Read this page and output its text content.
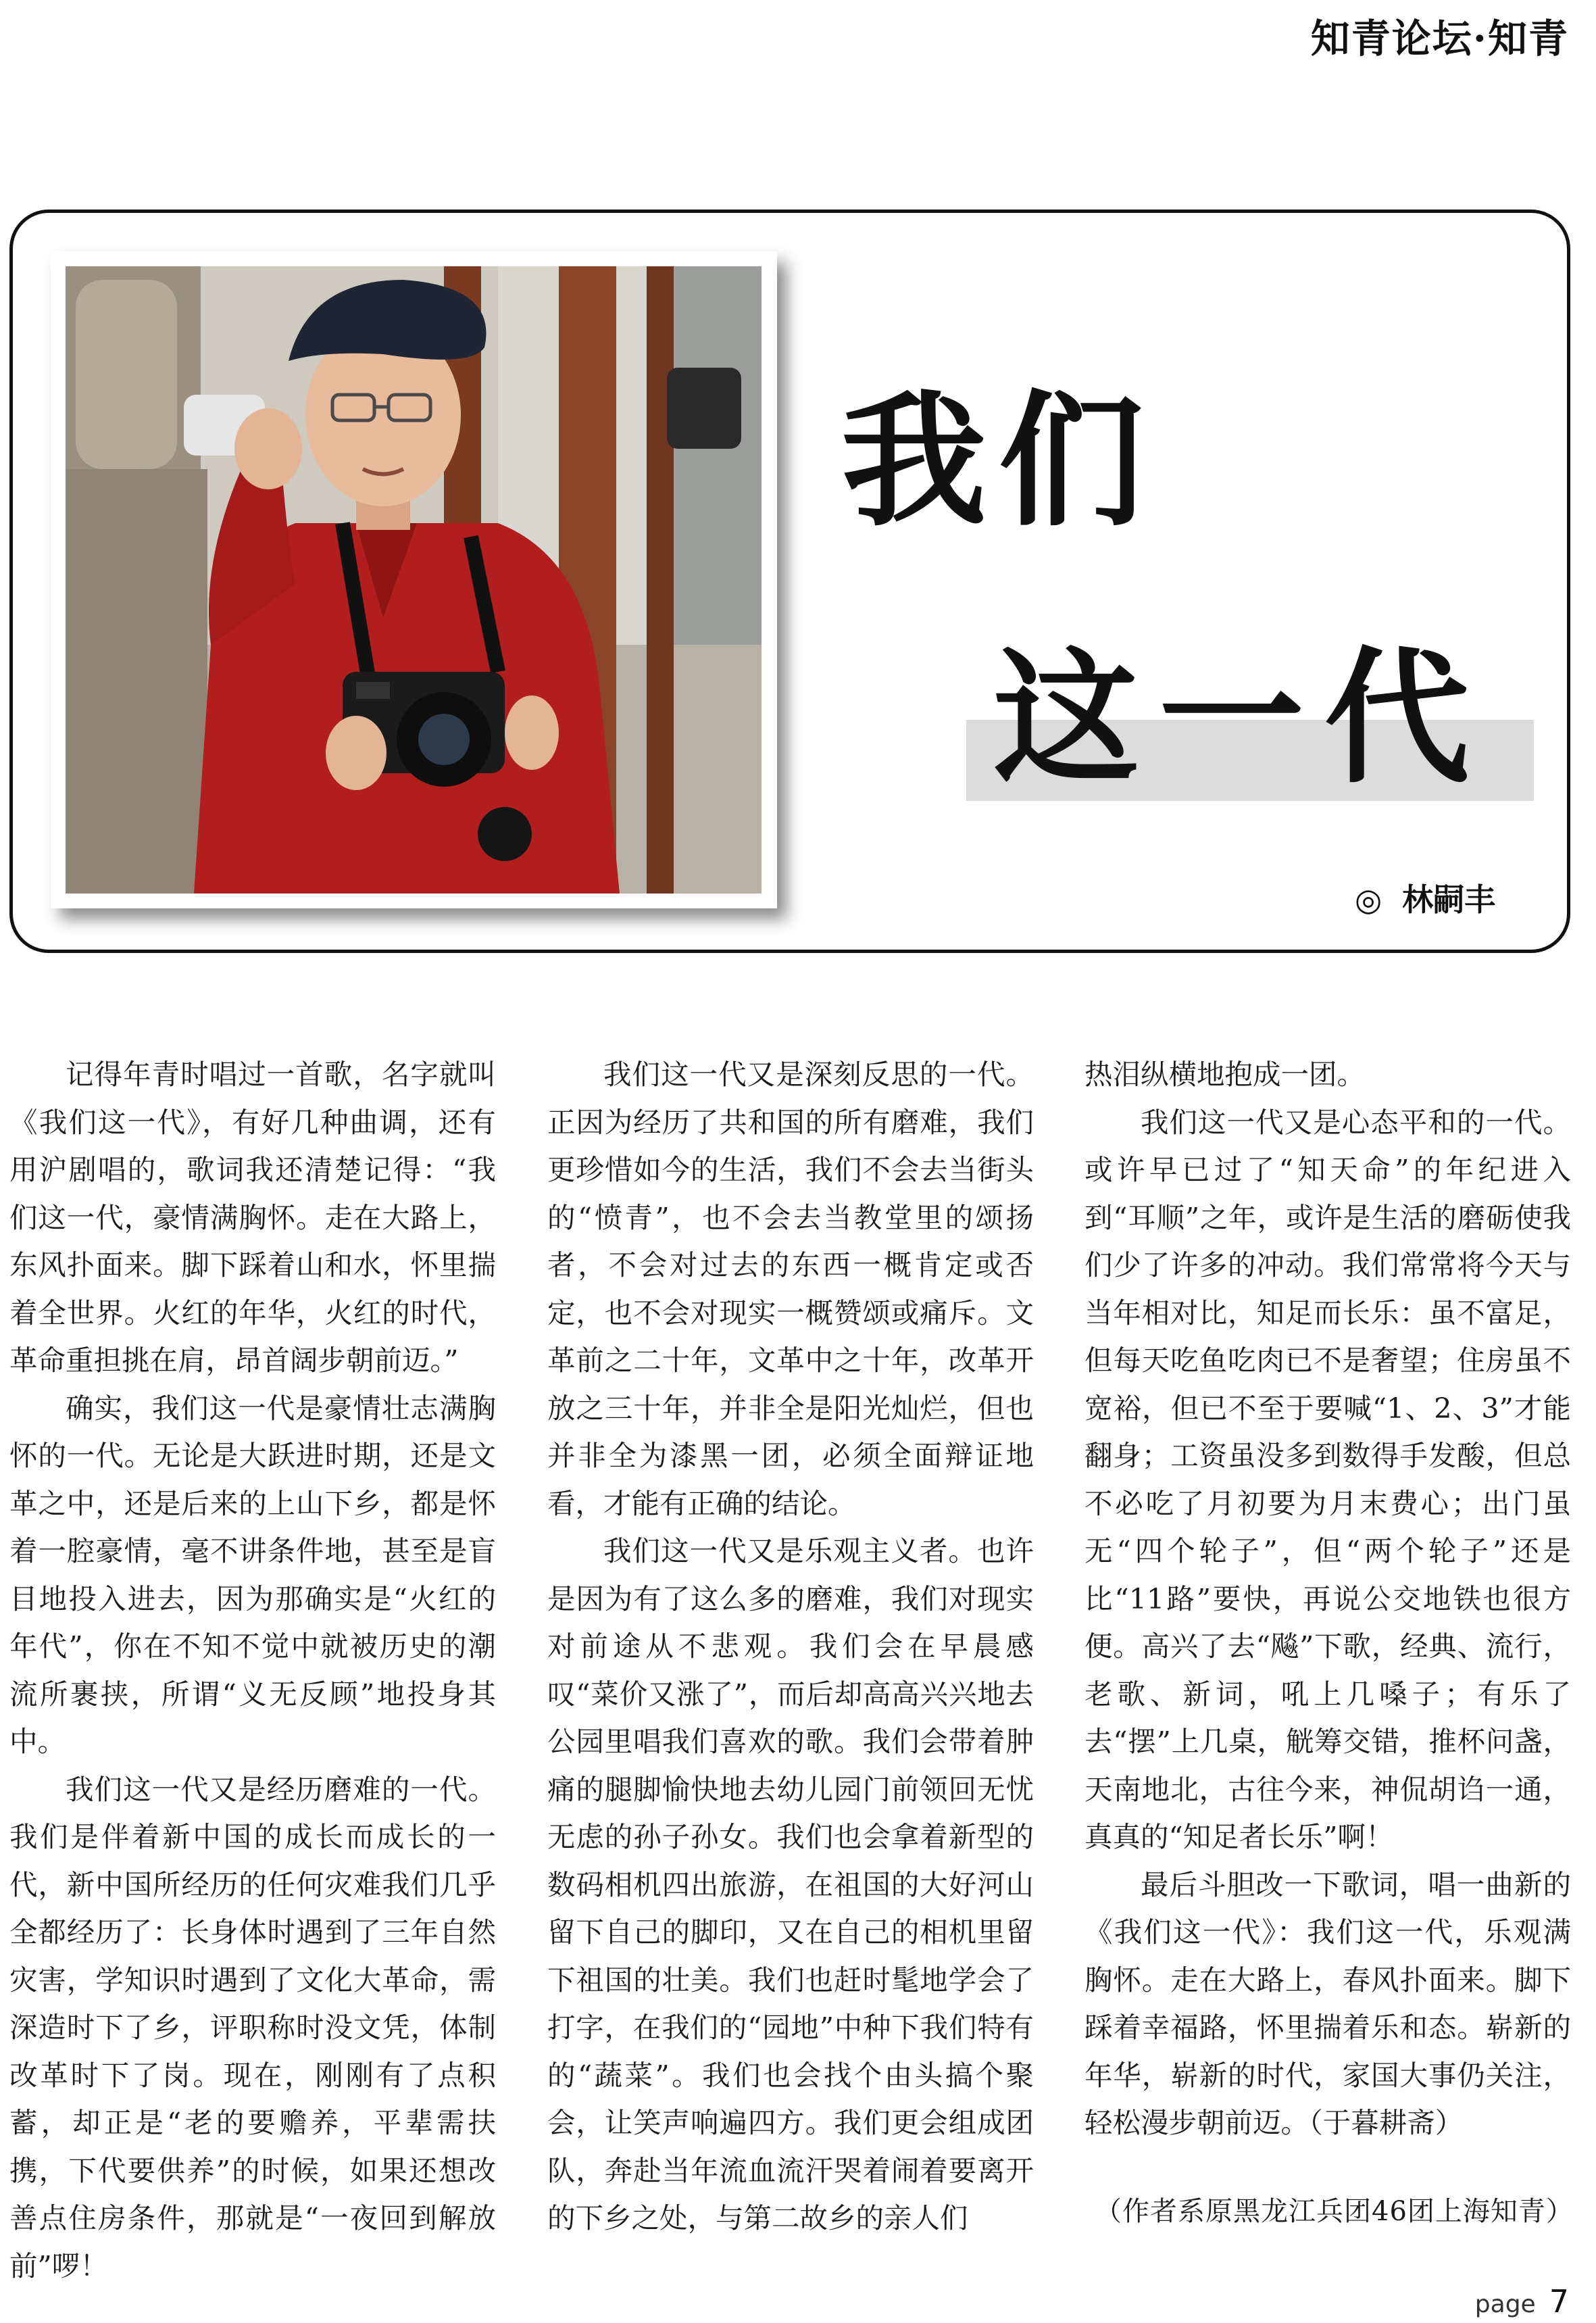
知青论坛·知青
我们
这一代
◎ 林嗣丰

记得年青时唱过一首歌，名字就叫《我们这一代》，有好几种曲调，还有用沪剧唱的，歌词我还清楚记得：“我们这一代，豪情满胸怀。走在大路上，东风扑面来。脚下踩着山和水，怀里揣着全世界。火红的年华，火红的时代，革命重担挑在肩，昂首阔步朝前迈。”

确实，我们这一代是豪情壮志满胸怀的一代。无论是大跃进时期，还是文革之中，还是后来的上山下乡，都是怀着一腔豪情，毫不讲条件地，甚至是盲目地投入进去，因为那确实是“火红的年代”，你在不知不觉中就被历史的潮流所裹挟，所谓“义无反顾”地投身其中。

我们这一代又是经历磨难的一代。我们是伴着新中国的成长而成长的一代，新中国所经历的任何灾难我们几乎全都经历了：长身体时遇到了三年自然灾害，学知识时遇到了文化大革命，需深造时下了乡，评职称时没文凭，体制改革时下了岗。现在，刚刚有了点积蓄，却正是“老的要赡养，平辈需扶携，下代要供养”的时候，如果还想改善点住房条件，那就是“一夜回到解放前”啰！

我们这一代又是深刻反思的一代。正因为经历了共和国的所有磨难，我们更珍惜如今的生活，我们不会去当街头的“愤青”，也不会去当教堂里的颂扬者，不会对过去的东西一概肯定或否定，也不会对现实一概赞颂或痛斥。文革前之二十年，文革中之十年，改革开放之三十年，并非全是阳光灿烂，但也并非全为漆黑一团，必须全面辩证地看，才能有正确的结论。

我们这一代又是乐观主义者。也许是因为有了这么多的磨难，我们对现实对前途从不悲观。我们会在早晨感叹“菜价又涨了”，而后却高高兴兴地去公园里唱我们喜欢的歌。我们会带着肿痛的腿脚愉快地去幼儿园门前领回无忧无虑的孙子孙女。我们也会拿着新型的数码相机四出旅游，在祖国的大好河山留下自己的脚印，又在自己的相机里留下祖国的壮美。我们也赶时髦地学会了打字，在我们的“园地”中种下我们特有的“蔬菜”。我们也会找个由头搞个聚会，让笑声响遍四方。我们更会组成团队，奔赴当年流血流汗哭着闹着要离开的下乡之处，与第二故乡的亲人们

热泪纵横地抱成一团。

我们这一代又是心态平和的一代。或许早已过了“知天命”的年纪进入到“耳顺”之年，或许是生活的磨砺使我们少了许多的冲动。我们常常将今天与当年相对比，知足而长乐：虽不富足，但每天吃鱼吃肉已不是奢望；住房虽不宽裕，但已不至于要喊“1、2、3”才能翻身；工资虽没多到数得手发酸，但总不必吃了月初要为月末费心；出门虽无“四个轮子”，但“两个轮子”还是比“11路”要快，再说公交地铁也很方便。高兴了去“飚”下歌，经典、流行，老歌、新词，吼上几嗓子；有乐了去“摆”上几桌，觥筹交错，推杯问盏，天南地北，古往今来，神侃胡诌一通，真真的“知足者长乐”啊！

最后斗胆改一下歌词，唱一曲新的《我们这一代》：我们这一代，乐观满胸怀。走在大路上，春风扑面来。脚下踩着幸福路，怀里揣着乐和态。崭新的年华，崭新的时代，家国大事仍关注，轻松漫步朝前迈。（于暮耕斋）

（作者系原黑龙江兵团46团上海知青）
page 7
